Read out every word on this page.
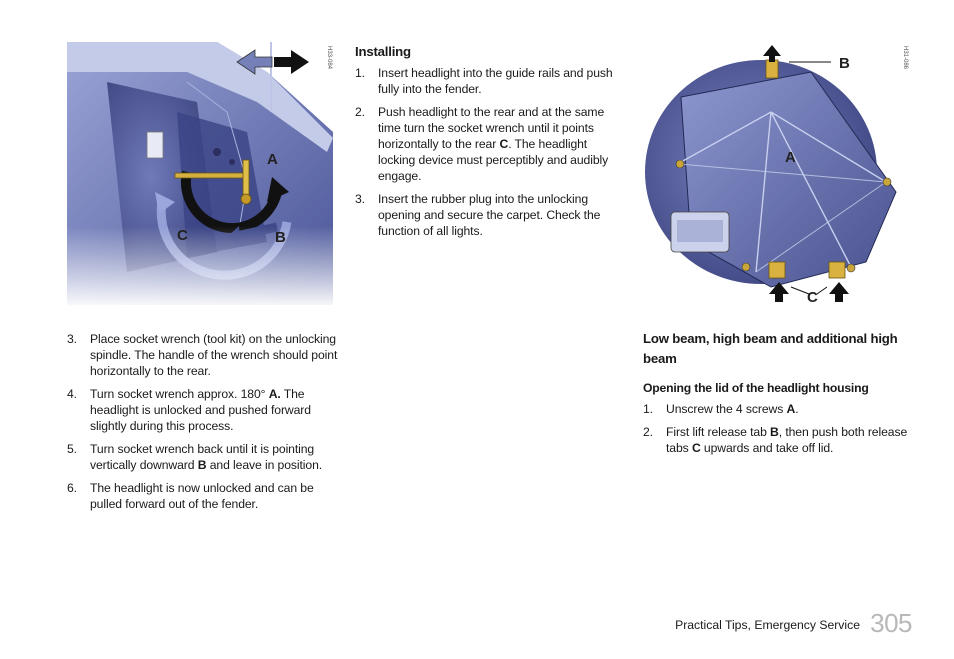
A
B
C
H33-084
A
B
C
H31-086
Installing
1. Insert headlight into the guide rails and push fully into the fender.
2. Push headlight to the rear and at the same time turn the socket wrench until it points horizontally to the rear C. The headlight locking device must perceptibly and audibly engage.
3. Insert the rubber plug into the unlocking opening and secure the carpet. Check the function of all lights.
3. Place socket wrench (tool kit) on the unlocking spindle. The handle of the wrench should point horizontally to the rear.
4. Turn socket wrench approx. 180° A. The headlight is unlocked and pushed forward slightly during this process.
5. Turn socket wrench back until it is pointing vertically downward B and leave in position.
6. The headlight is now unlocked and can be pulled forward out of the fender.
Low beam, high beam and additional high beam
Opening the lid of the headlight housing
1. Unscrew the 4 screws A.
2. First lift release tab B, then push both release tabs C upwards and take off lid.
Practical Tips, Emergency Service 305
